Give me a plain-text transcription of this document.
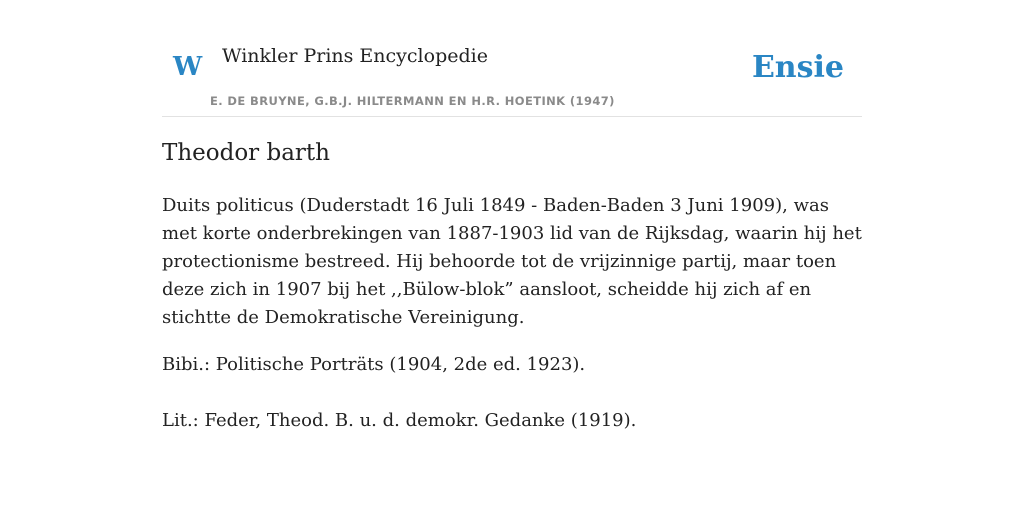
W Winkler Prins Encyclopedie
E. DE BRUYNE, G.B.J. HILTERMANN EN H.R. HOETINK (1947)
Ensie
Theodor barth

Duits politicus (Duderstadt 16 Juli 1849 - Baden-Baden 3 Juni 1909), was met korte onderbrekingen van 1887-1903 lid van de Rijksdag, waarin hij het protectionisme bestreed. Hij behoorde tot de vrijzinnige partij, maar toen deze zich in 1907 bij het ,,Bülow-blok” aansloot, scheidde hij zich af en stichtte de Demokratische Vereinigung.

Bibi.: Politische Porträts (1904, 2de ed. 1923).

Lit.: Feder, Theod. B. u. d. demokr. Gedanke (1919).
